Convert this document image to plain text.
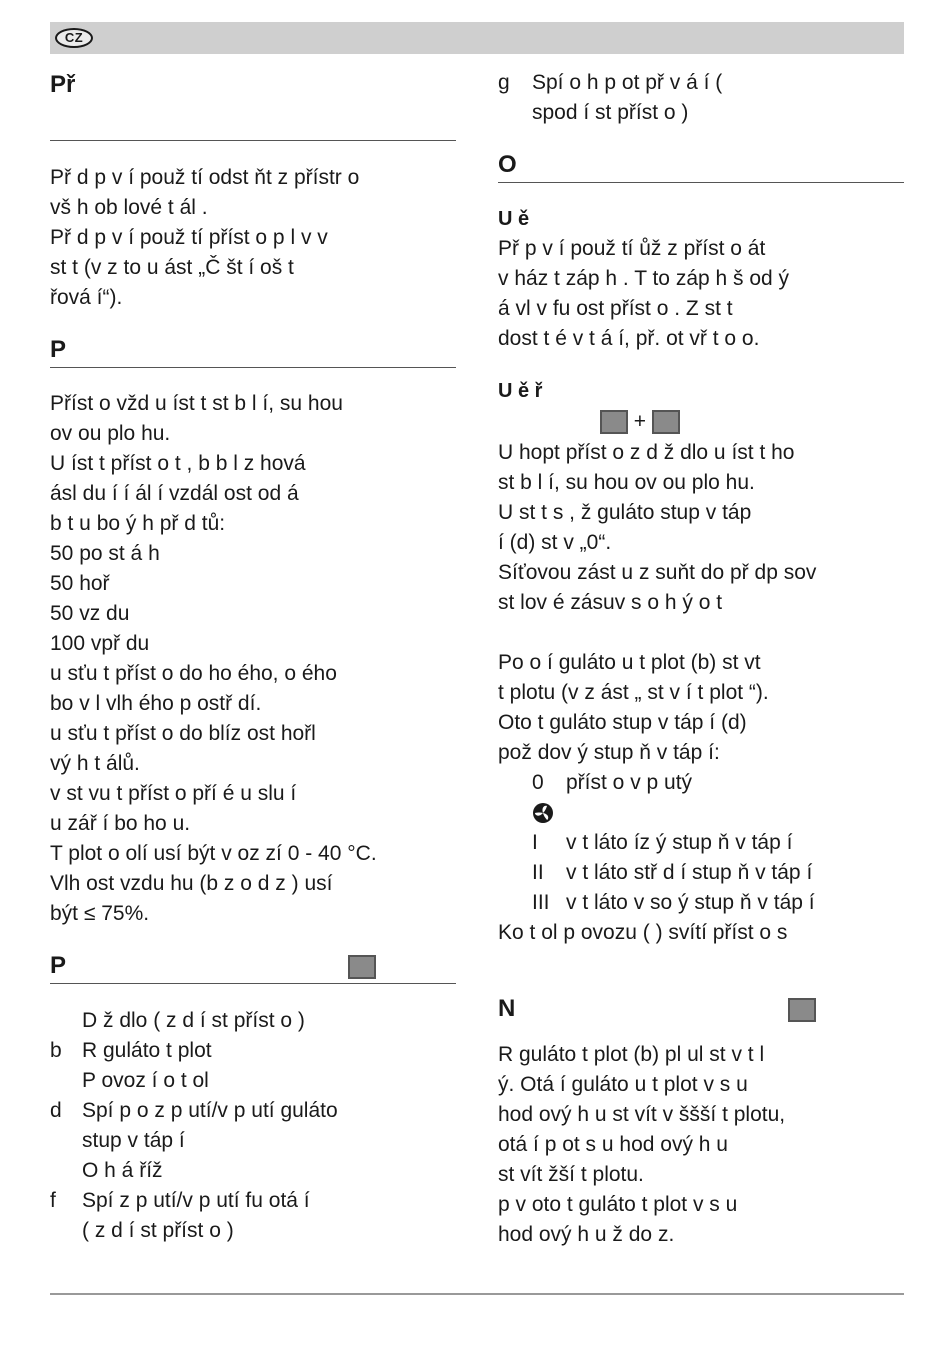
CZ
Př
Př d p v í použ tí odst ňt z přístr o
vš h ob lové t ál .
Př d p v í použ tí příst o p l v v
st t (v z to u ást „Č št í oš t
řová í“).
P
Příst o vžd u íst t st b l í, su hou
ov ou plo hu.
U íst t příst o t , b b l z hová
ásl du í í ál í vzdál ost od á
b t u bo ý h př d tů:
50 po st á h
50 hoř
50 vz du
100 vpř du
u sťu t příst o do ho ého, o ého
bo v l vlh ého p ostř dí.
u sťu t příst o do blíz ost hořl
vý h t álů.
v st vu t příst o pří é u slu í
u zář í bo ho u.
T plot o olí usí být v oz zí 0 - 40 °C.
Vlh ost vzdu hu (b z o d z ) usí
být ≤ 75%.
P
D ž dlo ( z d í st příst o )
b R guláto t plot
P ovoz í o t ol
d Spí p o z p utí/v p utí guláto
stup v táp í
O h á říž
f Spí z p utí/v p utí fu otá í
( z d í st příst o )
g Spí o h p ot př v á í (
spod í st příst o )
O
U ě
Př p v í použ tí ůž z příst o át
v ház t záp h . T to záp h š od ý
á vl v fu ost příst o . Z st t
dost t é v t á í, př. ot vř t o o.
U ě ř
+
U hopt příst o z d ž dlo u íst t ho
st b l í, su hou ov ou plo hu.
U st t s , ž guláto stup v táp
í (d) st v „0“.
Síťovou zást u z suňt do př dp sov
st lov é zásuv s o h ý o t
Po o í guláto u t plot (b) st vt
t plotu (v z ást „ st v í t plot “).
Oto t guláto stup v táp í (d)
pož dov ý stup ň v táp í:
0 příst o v p utý
I v t láto íz ý stup ň v táp í
II v t láto stř d í stup ň v táp í
III v t láto v so ý stup ň v táp í
Ko t ol p ovozu ( ) svítí příst o s
N
R guláto t plot (b) pl ul st v t l
ý. Otá í guláto u t plot v s u
hod ový h u st vít v ššší t plotu,
otá í p ot s u hod ový h u
st vít žší t plotu.
p v oto t guláto t plot v s u
hod ový h u ž do z.
